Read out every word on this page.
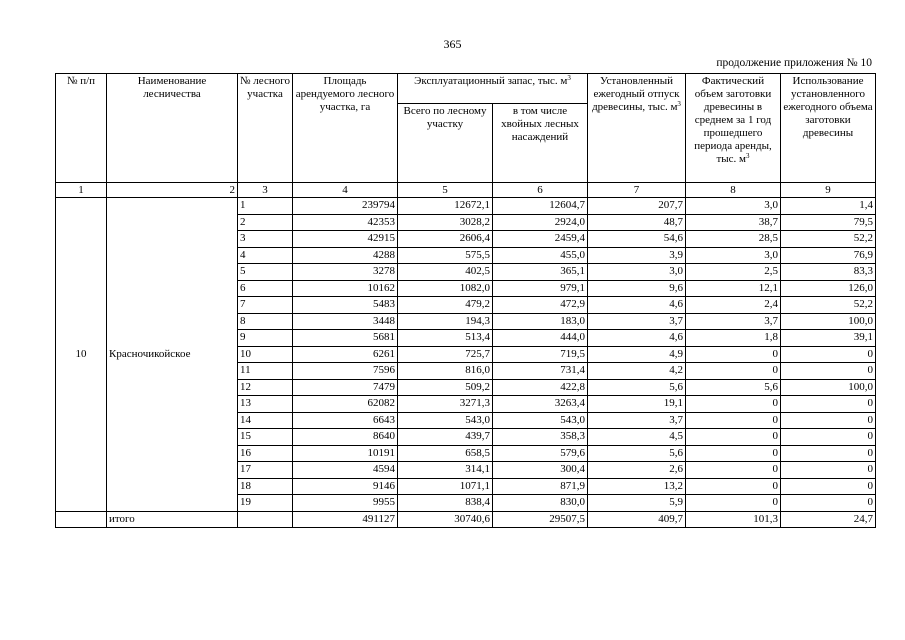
365
продолжение приложения № 10
№ п/п	Наименование лесничества	№ лесного участка	Площадь арендуемого лесного участка, га	Эксплуатационный запас, тыс. $м^3$		Установленный ежегодный отпуск древесины, тыс. $м^3$	Фактический объем заготовки древесины в среднем за 1 год прошедшего периода аренды, тыс. $м^3$	Использование установленного ежегодного объема заготовки древесины
				Всего по лесному участку	в том числе хвойных лесных насаждений			
1	2	3	4	5	6	7	8	9
10	Красночикойское	1	239794	12672,1	12604,7	207,7	3,0	1,4
		2	42353	3028,2	2924,0	48,7	38,7	79,5
		3	42915	2606,4	2459,4	54,6	28,5	52,2
		4	4288	575,5	455,0	3,9	3,0	76,9
		5	3278	402,5	365,1	3,0	2,5	83,3
		6	10162	1082,0	979,1	9,6	12,1	126,0
		7	5483	479,2	472,9	4,6	2,4	52,2
		8	3448	194,3	183,0	3,7	3,7	100,0
		9	5681	513,4	444,0	4,6	1,8	39,1
		10	6261	725,7	719,5	4,9	0	0
		11	7596	816,0	731,4	4,2	0	0
		12	7479	509,2	422,8	5,6	5,6	100,0
		13	62082	3271,3	3263,4	19,1	0	0
		14	6643	543,0	543,0	3,7	0	0
		15	8640	439,7	358,3	4,5	0	0
		16	10191	658,5	579,6	5,6	0	0
		17	4594	314,1	300,4	2,6	0	0
		18	9146	1071,1	871,9	13,2	0	0
		19	9955	838,4	830,0	5,9	0	0
	итого		491127	30740,6	29507,5	409,7	101,3	24,7
